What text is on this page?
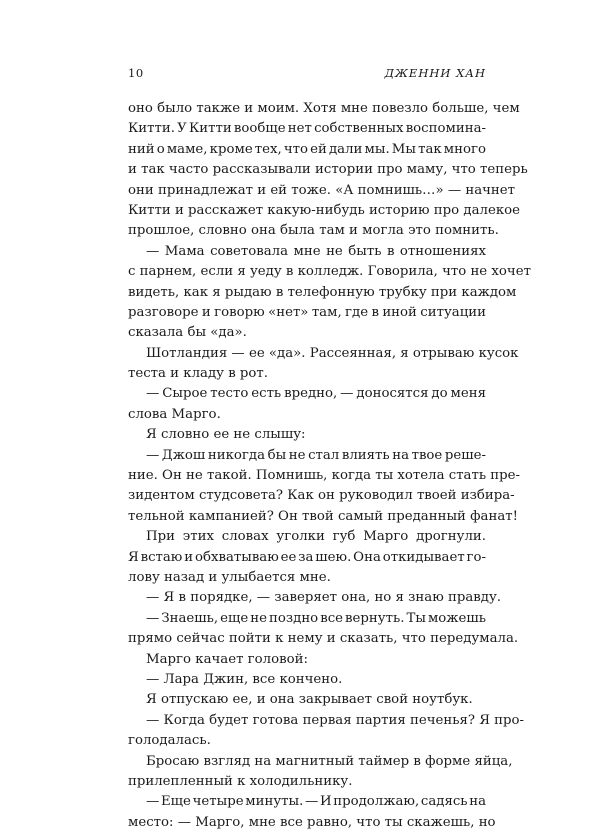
10	ДЖЕННИ ХАН
оно было также и моим. Хотя мне повезло больше, чем
Китти. У Китти вообще нет собственных воспомина-
ний о маме, кроме тех, что ей дали мы. Мы так много
и так часто рассказывали истории про маму, что теперь
они принадлежат и ей тоже. «А помнишь…» — начнет
Китти и расскажет какую-нибудь историю про далекое
прошлое, словно она была там и могла это помнить.
— Мама советовала мне не быть в отношениях
с парнем, если я уеду в колледж. Говорила, что не хочет
видеть, как я рыдаю в телефонную трубку при каждом
разговоре и говорю «нет» там, где в иной ситуации
сказала бы «да».
Шотландия — ее «да». Рассеянная, я отрываю кусок
теста и кладу в рот.
— Сырое тесто есть вредно, — доносятся до меня
слова Марго.
Я словно ее не слышу:
— Джош никогда бы не стал влиять на твое реше-
ние. Он не такой. Помнишь, когда ты хотела стать пре-
зидентом студсовета? Как он руководил твоей избира-
тельной кампанией? Он твой самый преданный фанат!
При этих словах уголки губ Марго дрогнули.
Я встаю и обхватываю ее за шею. Она откидывает го-
лову назад и улыбается мне.
— Я в порядке, — заверяет она, но я знаю правду.
— Знаешь, еще не поздно все вернуть. Ты можешь
прямо сейчас пойти к нему и сказать, что передумала.
Марго качает головой:
— Лара Джин, все кончено.
Я отпускаю ее, и она закрывает свой ноутбук.
— Когда будет готова первая партия печенья? Я про-
голодалась.
Бросаю взгляд на магнитный таймер в форме яйца,
прилепленный к холодильнику.
— Еще четыре минуты. — И продолжаю, садясь на
место: — Марго, мне все равно, что ты скажешь, но
